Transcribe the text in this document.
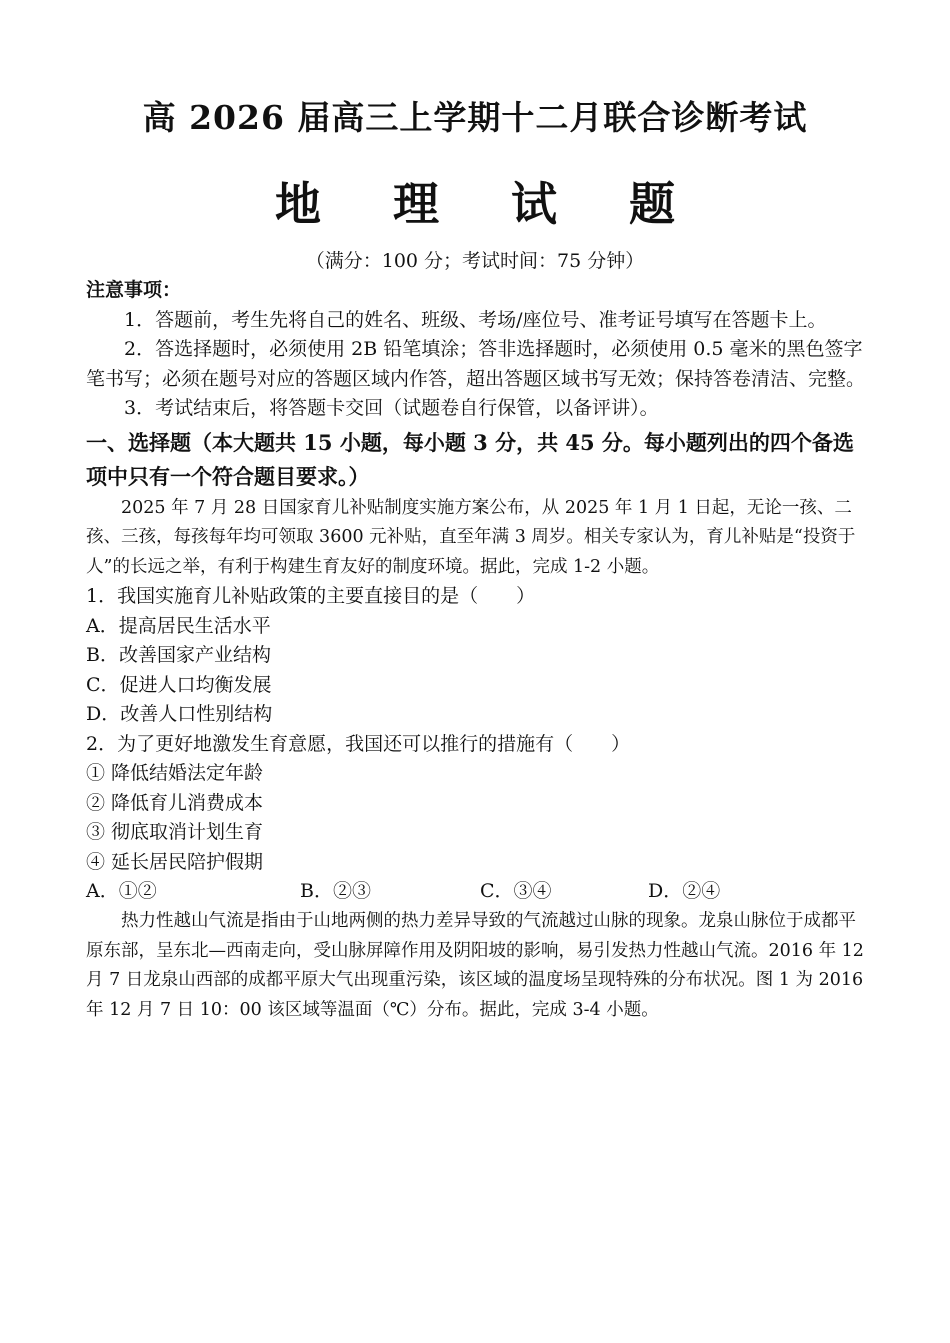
高 2026 届高三上学期十二月联合诊断考试
地 理 试 题
（满分：100 分；考试时间：75 分钟）
注意事项：

1．答题前，考生先将自己的姓名、班级、考场/座位号、准考证号填写在答题卡上。

2．答选择题时，必须使用 2B 铅笔填涂；答非选择题时，必须使用 0.5 毫米的黑色签字笔书写；必须在题号对应的答题区域内作答，超出答题区域书写无效；保持答卷清洁、完整。

3．考试结束后，将答题卡交回（试题卷自行保管，以备评讲）。

一、选择题（本大题共 15 小题，每小题 3 分，共 45 分。每小题列出的四个备选项中只有一个符合题目要求。）

2025 年 7 月 28 日国家育儿补贴制度实施方案公布，从 2025 年 1 月 1 日起，无论一孩、二孩、三孩，每孩每年均可领取 3600 元补贴，直至年满 3 周岁。相关专家认为，育儿补贴是“投资于人”的长远之举，有利于构建生育友好的制度环境。据此，完成 1-2 小题。

1．我国实施育儿补贴政策的主要直接目的是（　　）

A．提高居民生活水平

B．改善国家产业结构

C．促进人口均衡发展

D．改善人口性别结构

2．为了更好地激发生育意愿，我国还可以推行的措施有（　　）

① 降低结婚法定年龄

② 降低育儿消费成本

③ 彻底取消计划生育

④ 延长居民陪护假期

A．①②	B．②③	C．③④	D．②④

热力性越山气流是指由于山地两侧的热力差异导致的气流越过山脉的现象。龙泉山脉位于成都平原东部，呈东北—西南走向，受山脉屏障作用及阴阳坡的影响，易引发热力性越山气流。2016 年 12 月 7 日龙泉山西部的成都平原大气出现重污染，该区域的温度场呈现特殊的分布状况。图 1 为 2016 年 12 月 7 日 10：00 该区域等温面（℃）分布。据此，完成 3-4 小题。
